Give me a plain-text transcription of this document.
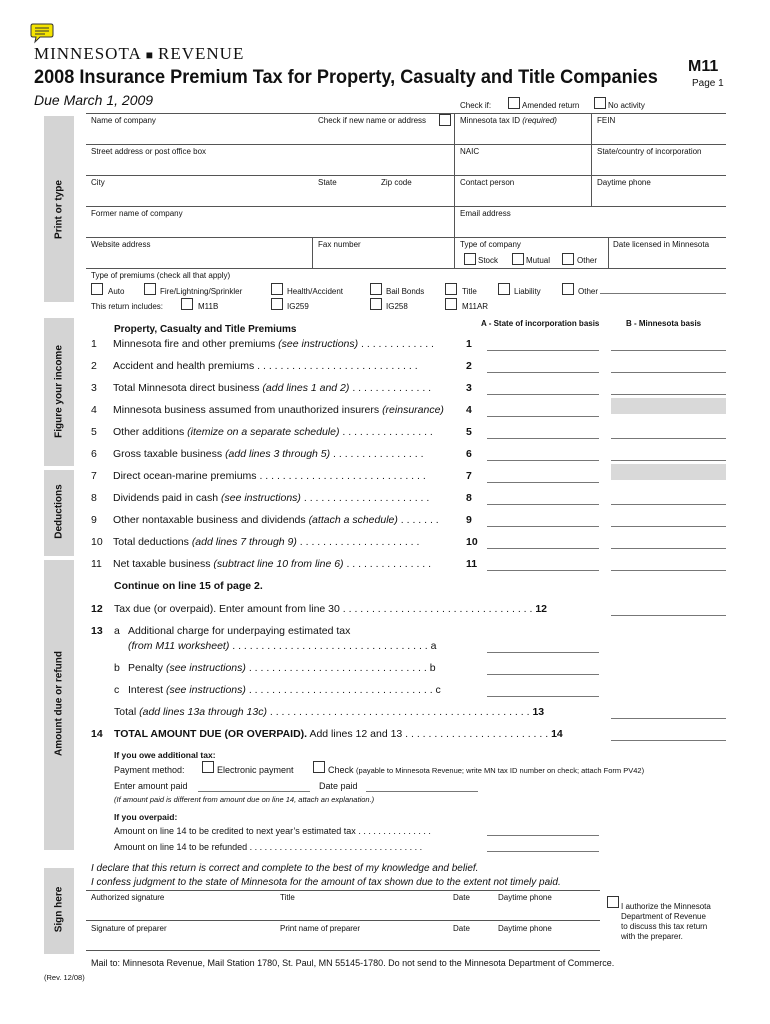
MINNESOTA ■ REVENUE
2008 Insurance Premium Tax for Property, Casualty and Title Companies
Due March 1, 2009
M11
Page 1
Check if:	Amended return	No activity
Print or type
Figure your income
Deductions
Amount due or refund
Sign here
Name of company	Check if new name or address	Minnesota tax ID (required)	FEIN
Street address or post office box	NAIC	State/country of incorporation
City	State	Zip code	Contact person	Daytime phone
Former name of company	Email address
Website address	Fax number	Type of company	Date licensed in Minnesota
Stock	Mutual	Other
Type of premiums (check all that apply)
Auto	Fire/Lightning/Sprinkler	Health/Accident	Bail Bonds	Title	Liability	Other
This return includes:	M11B	IG259	IG258	M11AR
A - State of incorporation basis	B - Minnesota basis
Property, Casualty and Title Premiums
1 Minnesota fire and other premiums (see instructions) . . . . . . . . . . . . .	1
2 Accident and health premiums . . . . . . . . . . . . . . . . . . . . . . . . . . . .	2
3 Total Minnesota direct business (add lines 1 and 2) . . . . . . . . . . . . . .	3
4 Minnesota business assumed from unauthorized insurers (reinsurance) 4
5 Other additions (itemize on a separate schedule) . . . . . . . . . . . . . . . .	5
6 Gross taxable business (add lines 3 through 5) . . . . . . . . . . . . . . . .	6
7 Direct ocean-marine premiums . . . . . . . . . . . . . . . . . . . . . . . . . . . . .	7
8 Dividends paid in cash (see instructions) . . . . . . . . . . . . . . . . . . . . . .	8
9 Other nontaxable business and dividends (attach a schedule) . . . . . . .	9
10 Total deductions (add lines 7 through 9) . . . . . . . . . . . . . . . . . . . . .	10
11 Net taxable business (subtract line 10 from line 6) . . . . . . . . . . . . . . .	11
Continue on line 15 of page 2.
12 Tax due (or overpaid). Enter amount from line 30 . . . . . . . . . . . . . . . . . . . . . . . . . . . . . . . . . 12
13 a Additional charge for underpaying estimated tax
(from M11 worksheet) . . . . . . . . . . . . . . . . . . . . . . . . . . . . . . . . . . a
b Penalty (see instructions) . . . . . . . . . . . . . . . . . . . . . . . . . . . . . . . b
c Interest (see instructions) . . . . . . . . . . . . . . . . . . . . . . . . . . . . . . . . c
Total (add lines 13a through 13c) . . . . . . . . . . . . . . . . . . . . . . . . . . . . . . . . . . . . . . . . . . . . . 13
14 TOTAL AMOUNT DUE (OR OVERPAID). Add lines 12 and 13 . . . . . . . . . . . . . . . . . . . . . . . . . 14
If you owe additional tax:
Payment method:	Electronic payment	Check (payable to Minnesota Revenue; write MN tax ID number on check; attach Form PV42)
Enter amount paid	Date paid
(If amount paid is different from amount due on line 14, attach an explanation.)
If you overpaid:
Amount on line 14 to be credited to next year’s estimated tax . . . . . . . . . . . . . . .
Amount on line 14 to be refunded . . . . . . . . . . . . . . . . . . . . . . . . . . . . . . . . . . .
I declare that this return is correct and complete to the best of my knowledge and belief.
I confess judgment to the state of Minnesota for the amount of tax shown due to the extent not timely paid.
Authorized signature	Title	Date	Daytime phone
Signature of preparer	Print name of preparer	Date	Daytime phone
I authorize the Minnesota
Department of Revenue
to discuss this tax return
with the preparer.
Mail to: Minnesota Revenue, Mail Station 1780, St. Paul, MN 55145-1780. Do not send to the Minnesota Department of Commerce.
(Rev. 12/08)
